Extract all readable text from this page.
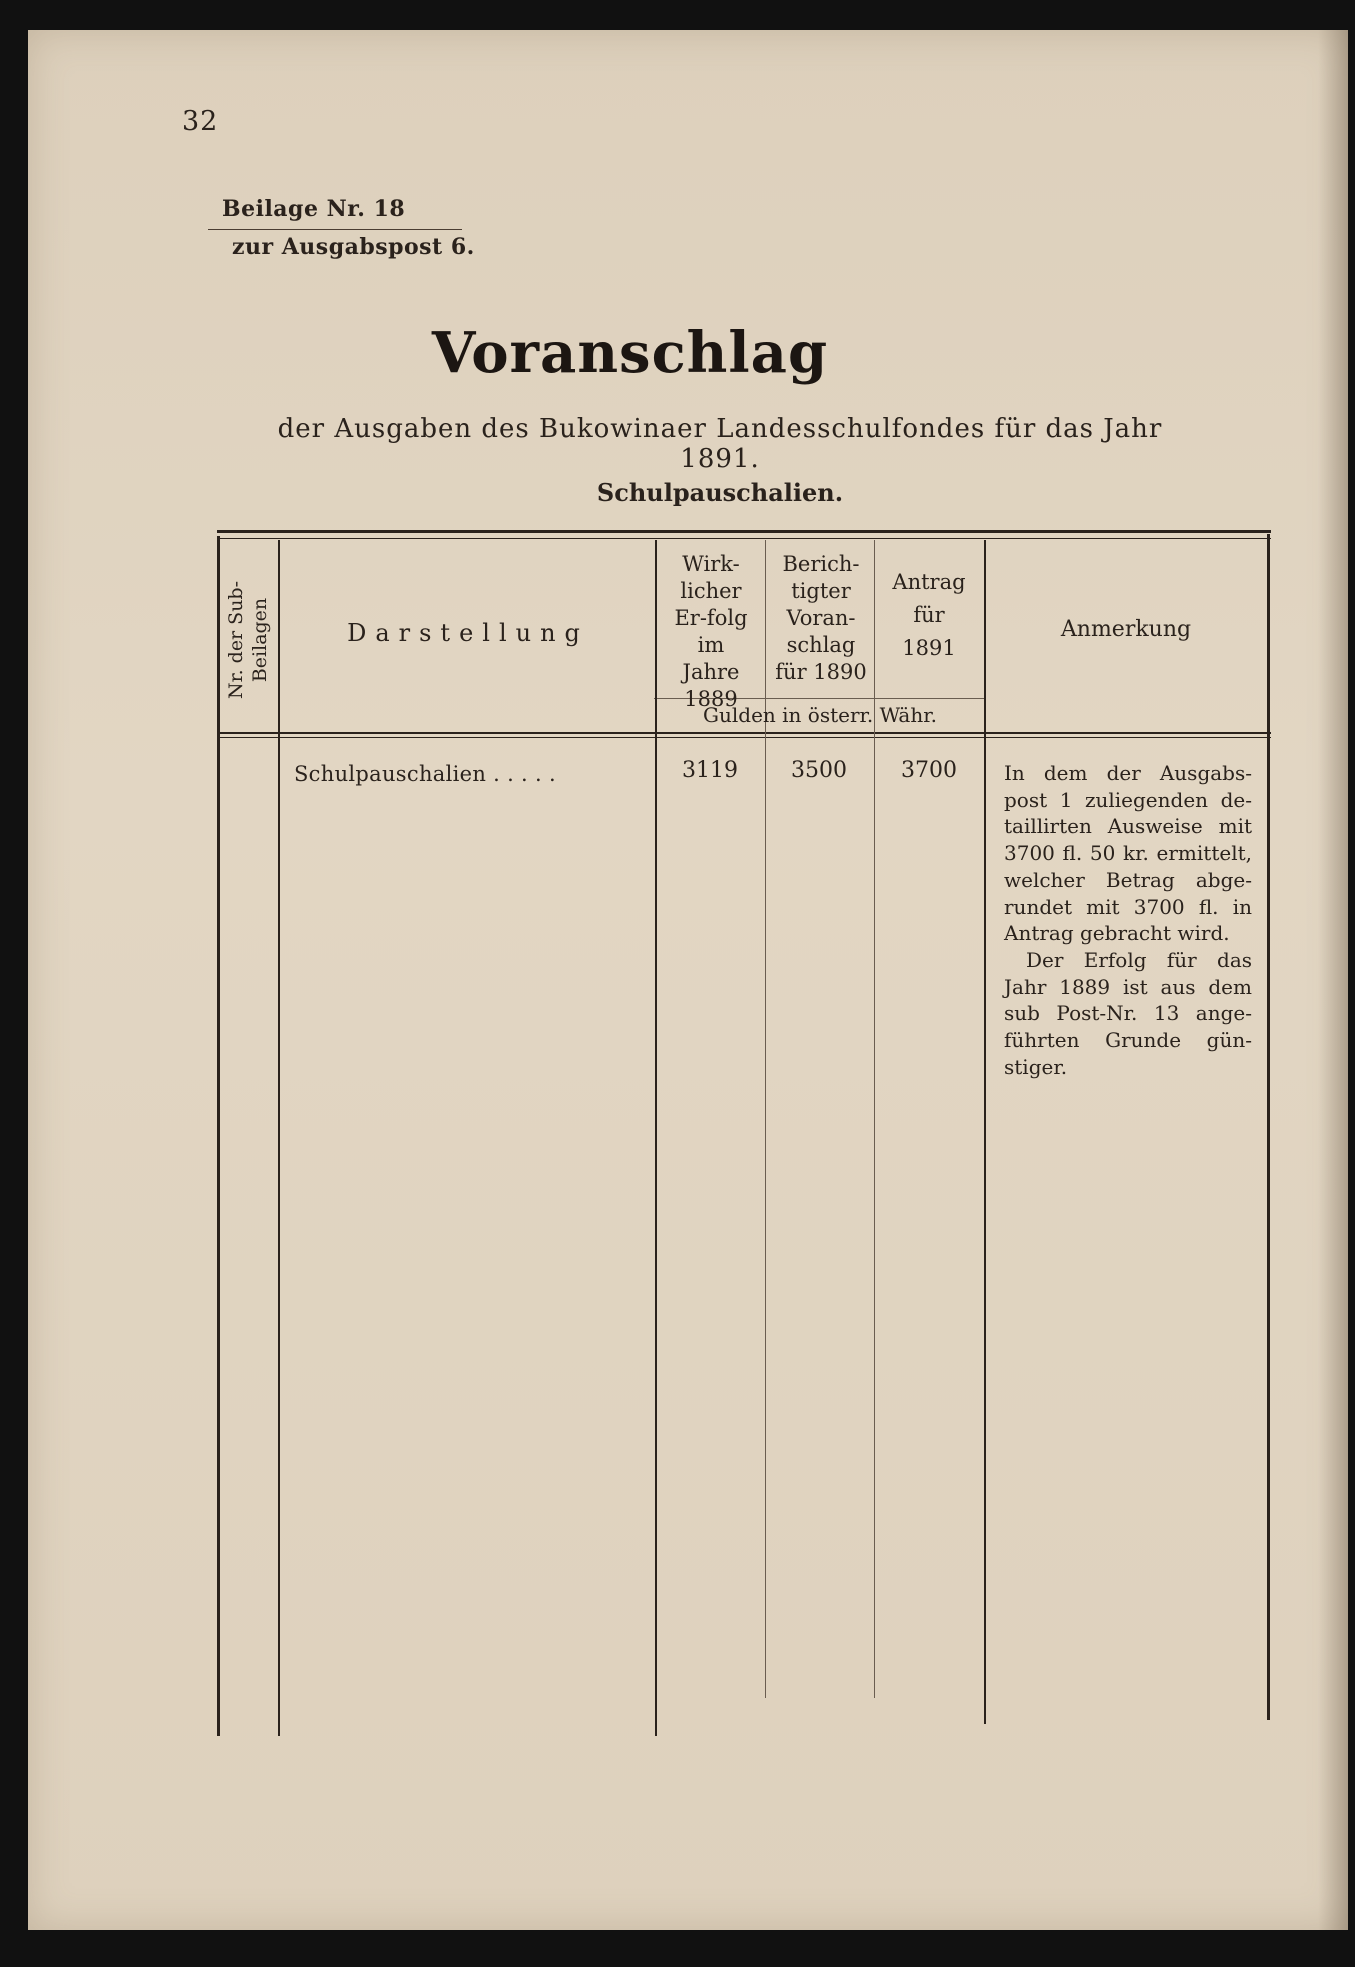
32
Beilage Nr. 18
zur Ausgabspost 6.
Voranschlag
der Ausgaben des Bukowinaer Landesschulfondes für das Jahr 1891.
Schulpauschalien.
Nr. der Sub-Beilagen	Darstellung
Wirk-licher Er-folg im Jahre 1889
Berich-tigter Voran-schlag für 1890
Antrag für 1891
Anmerkung
Gulden in österr. Währ.
Schulpauschalien . . . . .	3119	3500	3700	In dem der Ausgabs-post 1 zuliegenden de-taillirten Ausweise mit 3700 fl. 50 kr. ermittelt, welcher Betrag abge-rundet mit 3700 fl. in Antrag gebracht wird.

Der Erfolg für das Jahr 1889 ist aus dem sub Post-Nr. 13 ange-führten Grunde gün-stiger.
